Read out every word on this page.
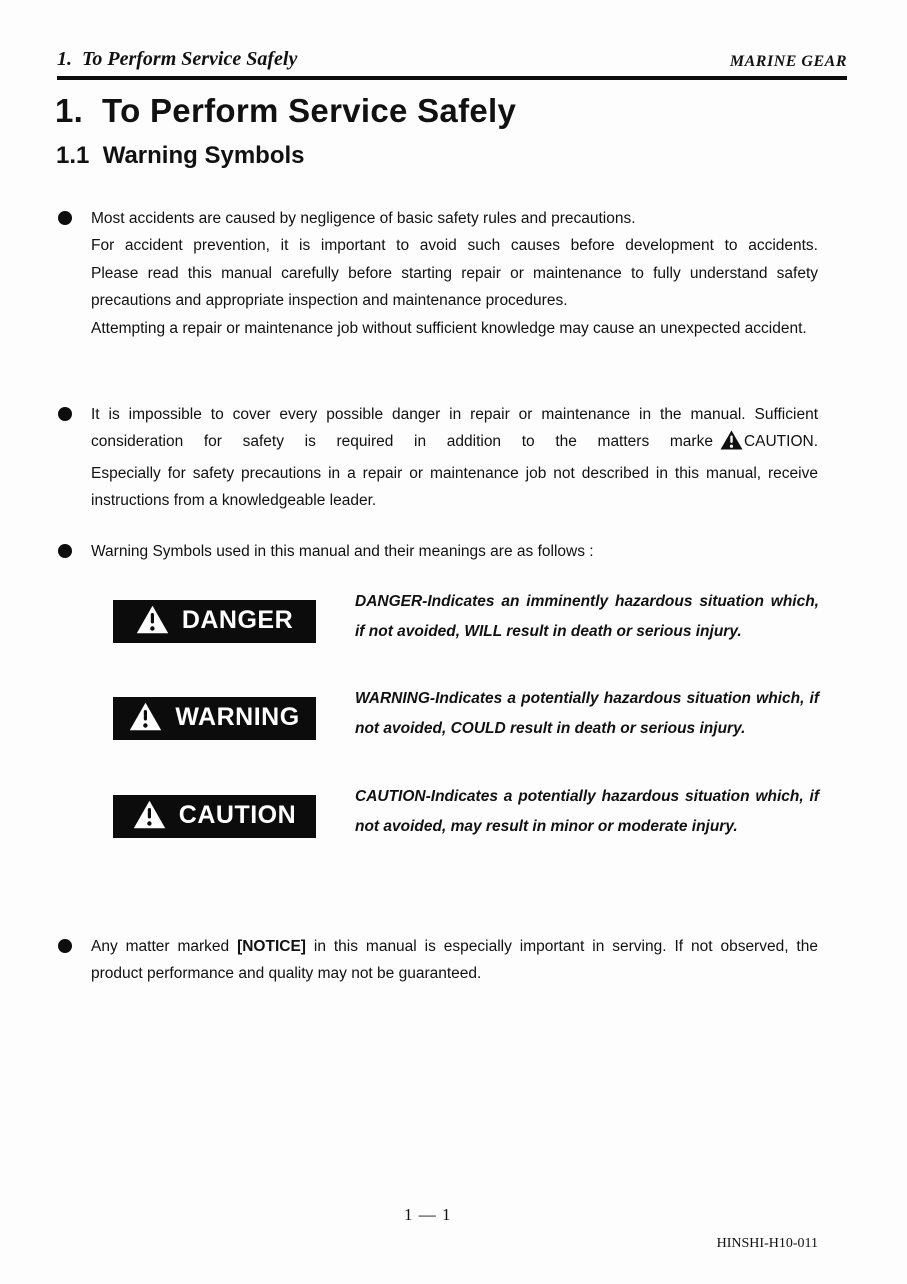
1.  To Perform Service Safely	MARINE GEAR
1.  To Perform Service Safely
1.1  Warning Symbols

Most accidents are caused by negligence of basic safety rules and precautions.

For accident prevention, it is important to avoid such causes before development to accidents.

Please read this manual carefully before starting repair or maintenance to fully understand safety precautions and appropriate inspection and maintenance procedures.

Attempting a repair or maintenance job without sufficient knowledge may cause an unexpected accident.

It is impossible to cover every possible danger in repair or maintenance in the manual. Sufficient consideration for safety is required in addition to the matters marke CAUTION.

Especially for safety precautions in a repair or maintenance job not described in this manual, receive instructions from a knowledgeable leader.

Warning Symbols used in this manual and their meanings are as follows :

DANGER

DANGER-Indicates an imminently hazardous situation which, if not avoided, WILL result in death or serious injury.

WARNING

WARNING-Indicates a potentially hazardous situation which, if not avoided, COULD result in death or serious injury.

CAUTION

CAUTION-Indicates a potentially hazardous situation which, if not avoided, may result in minor or moderate injury.

Any matter marked [NOTICE] in this manual is especially important in serving. If not observed, the product performance and quality may not be guaranteed.

1 — 1
HINSHI-H10-011
